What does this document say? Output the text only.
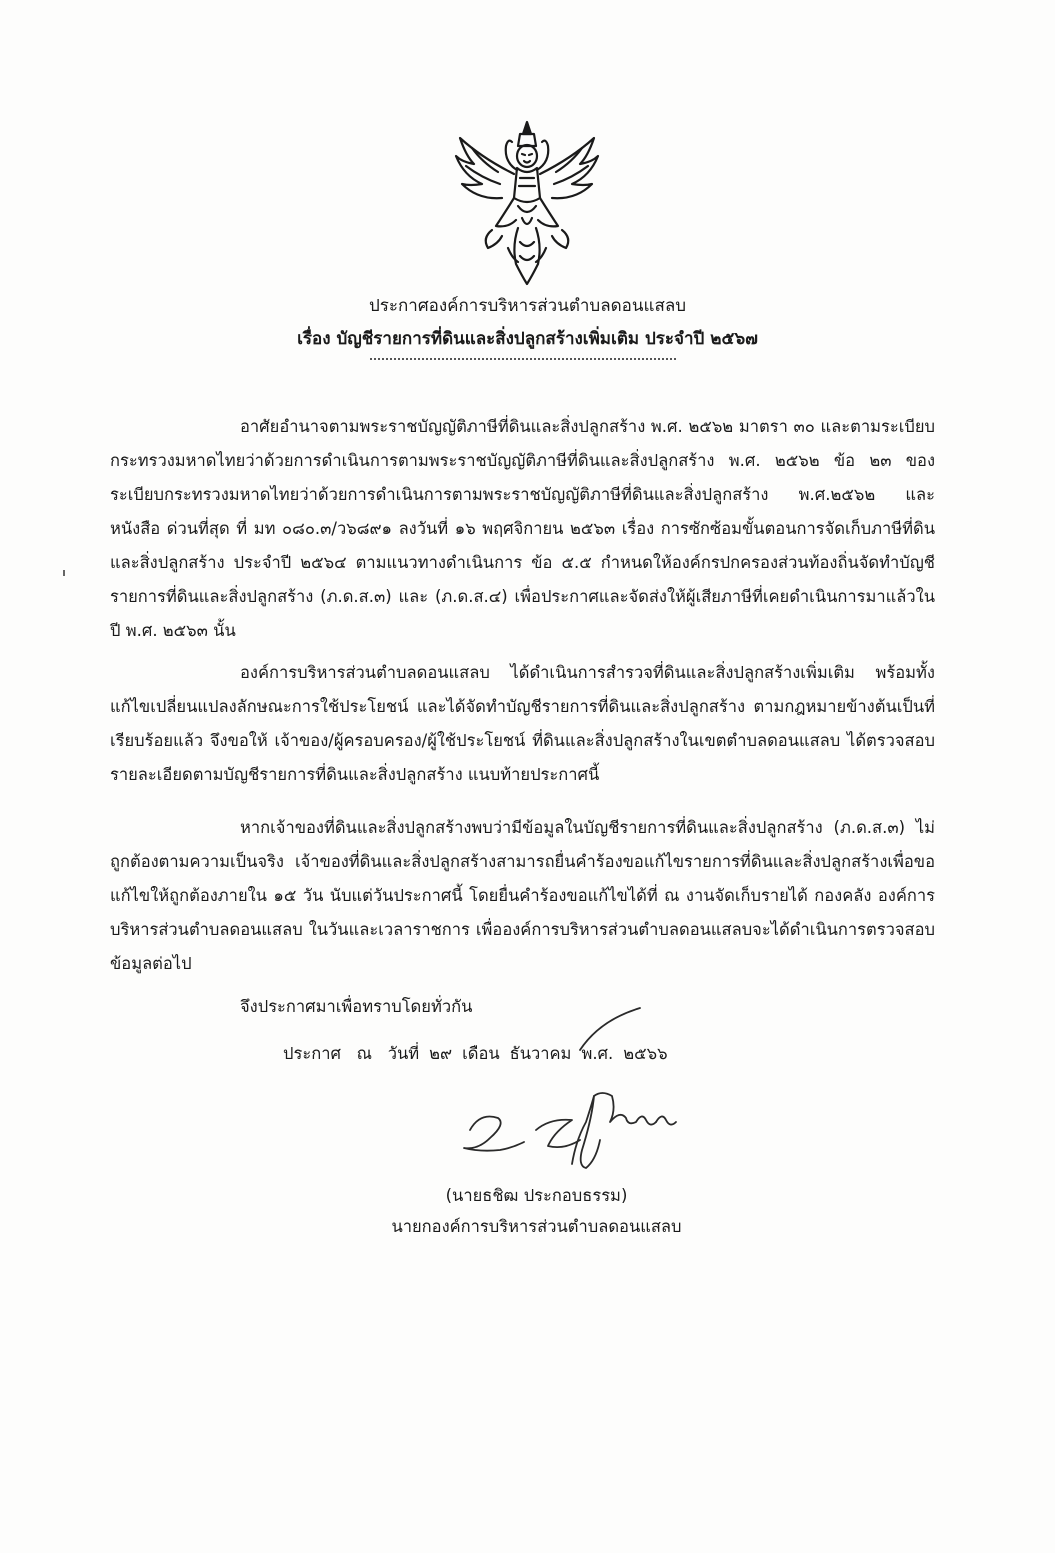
ประกาศองค์การบริหารส่วนตำบลดอนแสลบ
เรื่อง บัญชีรายการที่ดินและสิ่งปลูกสร้างเพิ่มเติม ประจำปี ๒๕๖๗

อาศัยอำนาจตามพระราชบัญญัติภาษีที่ดินและสิ่งปลูกสร้าง พ.ศ. ๒๕๖๒ มาตรา ๓๐ และตามระเบียบกระทรวงมหาดไทยว่าด้วยการดำเนินการตามพระราชบัญญัติภาษีที่ดินและสิ่งปลูกสร้าง พ.ศ. ๒๕๖๒ ข้อ ๒๓ ของระเบียบกระทรวงมหาดไทยว่าด้วยการดำเนินการตามพระราชบัญญัติภาษีที่ดินและสิ่งปลูกสร้าง พ.ศ.๒๕๖๒ และหนังสือ ด่วนที่สุด ที่ มท ๐๘๐.๓/ว๖๘๙๑ ลงวันที่ ๑๖ พฤศจิกายน ๒๕๖๓ เรื่อง การซักซ้อมขั้นตอนการจัดเก็บภาษีที่ดินและสิ่งปลูกสร้าง ประจำปี ๒๕๖๔ ตามแนวทางดำเนินการ ข้อ ๕.๕ กำหนดให้องค์กรปกครองส่วนท้องถิ่นจัดทำบัญชีรายการที่ดินและสิ่งปลูกสร้าง (ภ.ด.ส.๓) และ (ภ.ด.ส.๔) เพื่อประกาศและจัดส่งให้ผู้เสียภาษีที่เคยดำเนินการมาแล้วในปี พ.ศ. ๒๕๖๓ นั้น

องค์การบริหารส่วนตำบลดอนแสลบ ได้ดำเนินการสำรวจที่ดินและสิ่งปลูกสร้างเพิ่มเติม พร้อมทั้งแก้ไขเปลี่ยนแปลงลักษณะการใช้ประโยชน์ และได้จัดทำบัญชีรายการที่ดินและสิ่งปลูกสร้าง ตามกฎหมายข้างต้นเป็นที่เรียบร้อยแล้ว จึงขอให้ เจ้าของ/ผู้ครอบครอง/ผู้ใช้ประโยชน์ ที่ดินและสิ่งปลูกสร้างในเขตตำบลดอนแสลบ ได้ตรวจสอบรายละเอียดตามบัญชีรายการที่ดินและสิ่งปลูกสร้าง แนบท้ายประกาศนี้

หากเจ้าของที่ดินและสิ่งปลูกสร้างพบว่ามีข้อมูลในบัญชีรายการที่ดินและสิ่งปลูกสร้าง (ภ.ด.ส.๓) ไม่ถูกต้องตามความเป็นจริง เจ้าของที่ดินและสิ่งปลูกสร้างสามารถยื่นคำร้องขอแก้ไขรายการที่ดินและสิ่งปลูกสร้างเพื่อขอแก้ไขให้ถูกต้องภายใน ๑๕ วัน นับแต่วันประกาศนี้ โดยยื่นคำร้องขอแก้ไขได้ที่ ณ งานจัดเก็บรายได้ กองคลัง องค์การบริหารส่วนตำบลดอนแสลบ ในวันและเวลาราชการ เพื่อองค์การบริหารส่วนตำบลดอนแสลบจะได้ดำเนินการตรวจสอบข้อมูลต่อไป

จึงประกาศมาเพื่อทราบโดยทั่วกัน
ประกาศ   ณ   วันที่ ๒๙ เดือน ธันวาคม พ.ศ. ๒๕๖๖
(นายธชิฒ ประกอบธรรม)
นายกองค์การบริหารส่วนตำบลดอนแสลบ
